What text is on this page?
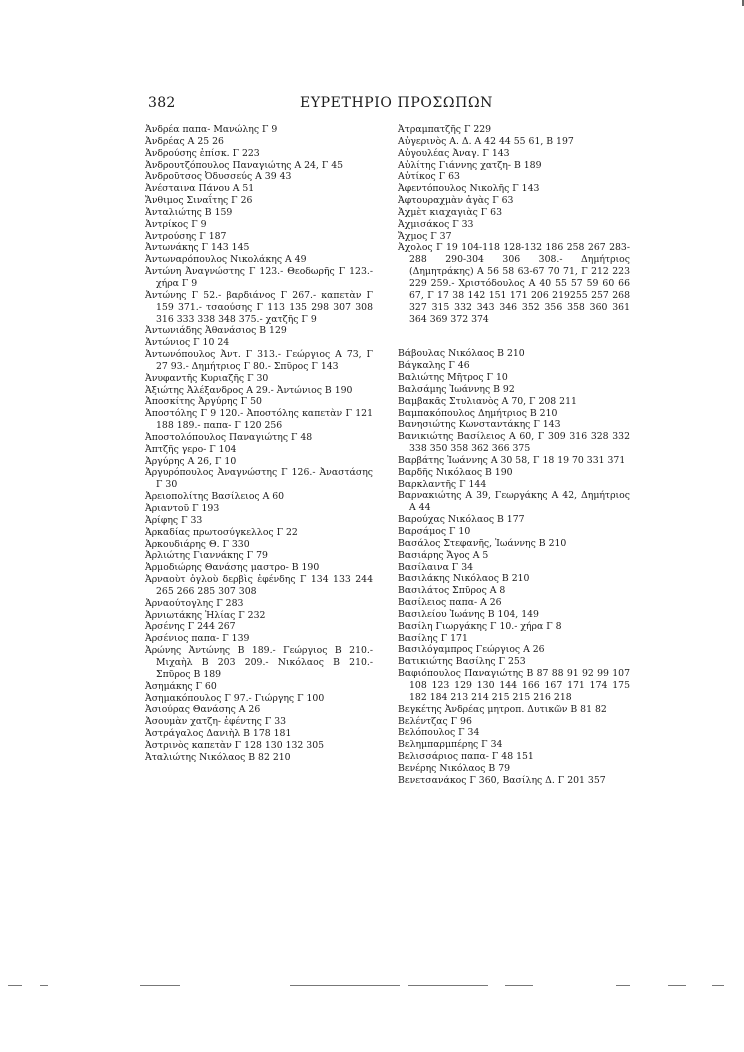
382	ΕΥΡΕΤΗΡΙΟ ΠΡΟΣΩΠΩΝ
Ἀνδρέα παπα- Μανώλης Γ 9
Ἀνδρέας Α 25 26
Ἀνδρούσης ἐπίσκ. Γ 223
Ἀνδρουτζόπουλος Παναγιώτης Α 24, Γ 45
Ἀνδροῦτσος Ὀδυσσεύς Α 39 43
Ἀνέσταινα Πάνου Α 51
Ἄνθιμος Σιναΐτης Γ 26
Ἀνταλιώτης Β 159
Ἀντρίκος Γ 9
Ἀντρούσης Γ 187
Ἀντωνάκης Γ 143 145
Ἀντωναρόπουλος Νικολάκης Α 49
Ἀντώνη Ἀναγνώστης Γ 123.- Θεοδωρῆς Γ 123.- χήρα Γ 9
Ἀντώνης Γ 52.- βαρδιάνος Γ 267.- καπετὰν Γ 159 371.- τσαούσης Γ 113 135 298 307 308 316 333 338 348 375.- χατζῆς Γ 9
Ἀντωνιάδης Ἀθανάσιος Β 129
Ἀντώνιος Γ 10 24
Ἀντωνόπουλος Ἀντ. Γ 313.- Γεώργιος Α 73, Γ 27 93.- Δημήτριος Γ 80.- Σπῦρος Γ 143
Ἀνυφαντῆς Κυριαζῆς Γ 30
Ἀξιώτης Ἀλέξανδρος Α 29.- Ἀντώνιος Β 190
Ἀποσκίτης Ἀργύρης Γ 50
Ἀποστόλης Γ 9 120.- Ἀποστόλης καπετὰν Γ 121 188 189.- παπα- Γ 120 256
Ἀποστολόπουλος Παναγιώτης Γ 48
Ἀπτζῆς γερο- Γ 104
Ἀργύρης Α 26, Γ 10
Ἀργυρόπουλος Ἀναγνώστης Γ 126.- Ἀναστάσης Γ 30
Ἀρειοπολίτης Βασίλειος Α 60
Ἀριαντοῦ Γ 193
Ἀρίφης Γ 33
Ἀρκαδίας πρωτοσύγκελλος Γ 22
Ἀρκουδιάρης Θ. Γ 330
Ἀρλιώτης Γιαννάκης Γ 79
Ἁρμοδιώρης Θανάσης μαστρο- Β 190
Ἀρναοὺτ ὀγλοὺ δερβὶς ἐφένδης Γ 134 133 244 265 266 285 307 308
Ἀρναούτογλης Γ 283
Ἀρνιωτάκης Ἠλίας Γ 232
Ἀρσένης Γ 244 267
Ἀρσένιος παπα- Γ 139
Ἀρώνης Ἀντώνης Β 189.- Γεώργιος Β 210.- Μιχαὴλ Β 203 209.- Νικόλαος Β 210.- Σπῦρος Β 189
Ἀσημάκης Γ 60
Ἀσημακόπουλος Γ 97.- Γιώργης Γ 100
Ἀσιούρας Θανάσης Α 26
Ἀσουμὰν χατζη- ἐφέντης Γ 33
Ἀστράγαλος Δανιὴλ Β 178 181
Ἀστρινὸς καπετὰν Γ 128 130 132 305
Ἀταλιώτης Νικόλαος Β 82 210
Ἀτραμπατζῆς Γ 229
Αὐγερινὸς Α. Δ. Α 42 44 55 61, Β 197
Αὐγουλέας Ἀναγ. Γ 143
Αὐλίτης Γιάννης χατζη- Β 189
Αὐτίκος Γ 63
Ἀφεντόπουλος Νικολῆς Γ 143
Ἀφτουραχμὰν ἀγὰς Γ 63
Ἀχμὲτ κιαχαγιὰς Γ 63
Ἀχμισάκος Γ 33
Ἄχμος Γ 37
Ἀχολος Γ 19 104-118 128-132 186 258 267 283-288 290-304 306 308.- Δημήτριος (Δημητράκης) Α 56 58 63-67 70 71, Γ 212 223 229 259.- Χριστόδουλος Α 40 55 57 59 60 66 67, Γ 17 38 142 151 171 206 219255 257 268 327 315 332 343 346 352 356 358 360 361 364 369 372 374
Βάβουλας Νικόλαος Β 210
Βάγκαλης Γ 46
Βαλιώτης Μῆτρος Γ 10
Βαλσάμης Ἰωάννης Β 92
Βαμβακᾶς Στυλιανὸς Α 70, Γ 208 211
Βαμπακόπουλος Δημήτριος Β 210
Βανησιώτης Κωνσταντάκης Γ 143
Βανικιώτης Βασίλειος Α 60, Γ 309 316 328 332 338 350 358 362 366 375
Βαρβάτης Ἰωάννης Α 30 58, Γ 18 19 70 331 371
Βαρδῆς Νικόλαος Β 190
Βαρκλαντῆς Γ 144
Βαρνακιώτης Α 39, Γεωργάκης Α 42, Δημήτριος Α 44
Βαρούχας Νικόλαος Β 177
Βαρσάμος Γ 10
Βασάλος Στεφανῆς, Ἰωάννης Β 210
Βασιάρης Ἄγος Α 5
Βασίλαινα Γ 34
Βασιλάκης Νικόλαος Β 210
Βασιλάτος Σπῦρος Α 8
Βασίλειος παπα- Α 26
Βασιλείου Ἰωάνης Β 104, 149
Βασίλη Γιωργάκης Γ 10.- χήρα Γ 8
Βασίλης Γ 171
Βασιλόγαμπρος Γεώργιος Α 26
Βατικιώτης Βασίλης Γ 253
Βαφιόπουλος Παναγιώτης Β 87 88 91 92 99 107 108 123 129 130 144 166 167 171 174 175 182 184 213 214 215 215 216 218
Βεγκέτης Ἀνδρέας μητροπ. Δυτικῶν Β 81 82
Βελέντζας Γ 96
Βελόπουλος Γ 34
Βελημπαρμπέρης Γ 34
Βελισσάριος παπα- Γ 48 151
Βενέρης Νικόλαος Β 79
Βενετσανάκος Γ 360, Βασίλης Δ. Γ 201 357
